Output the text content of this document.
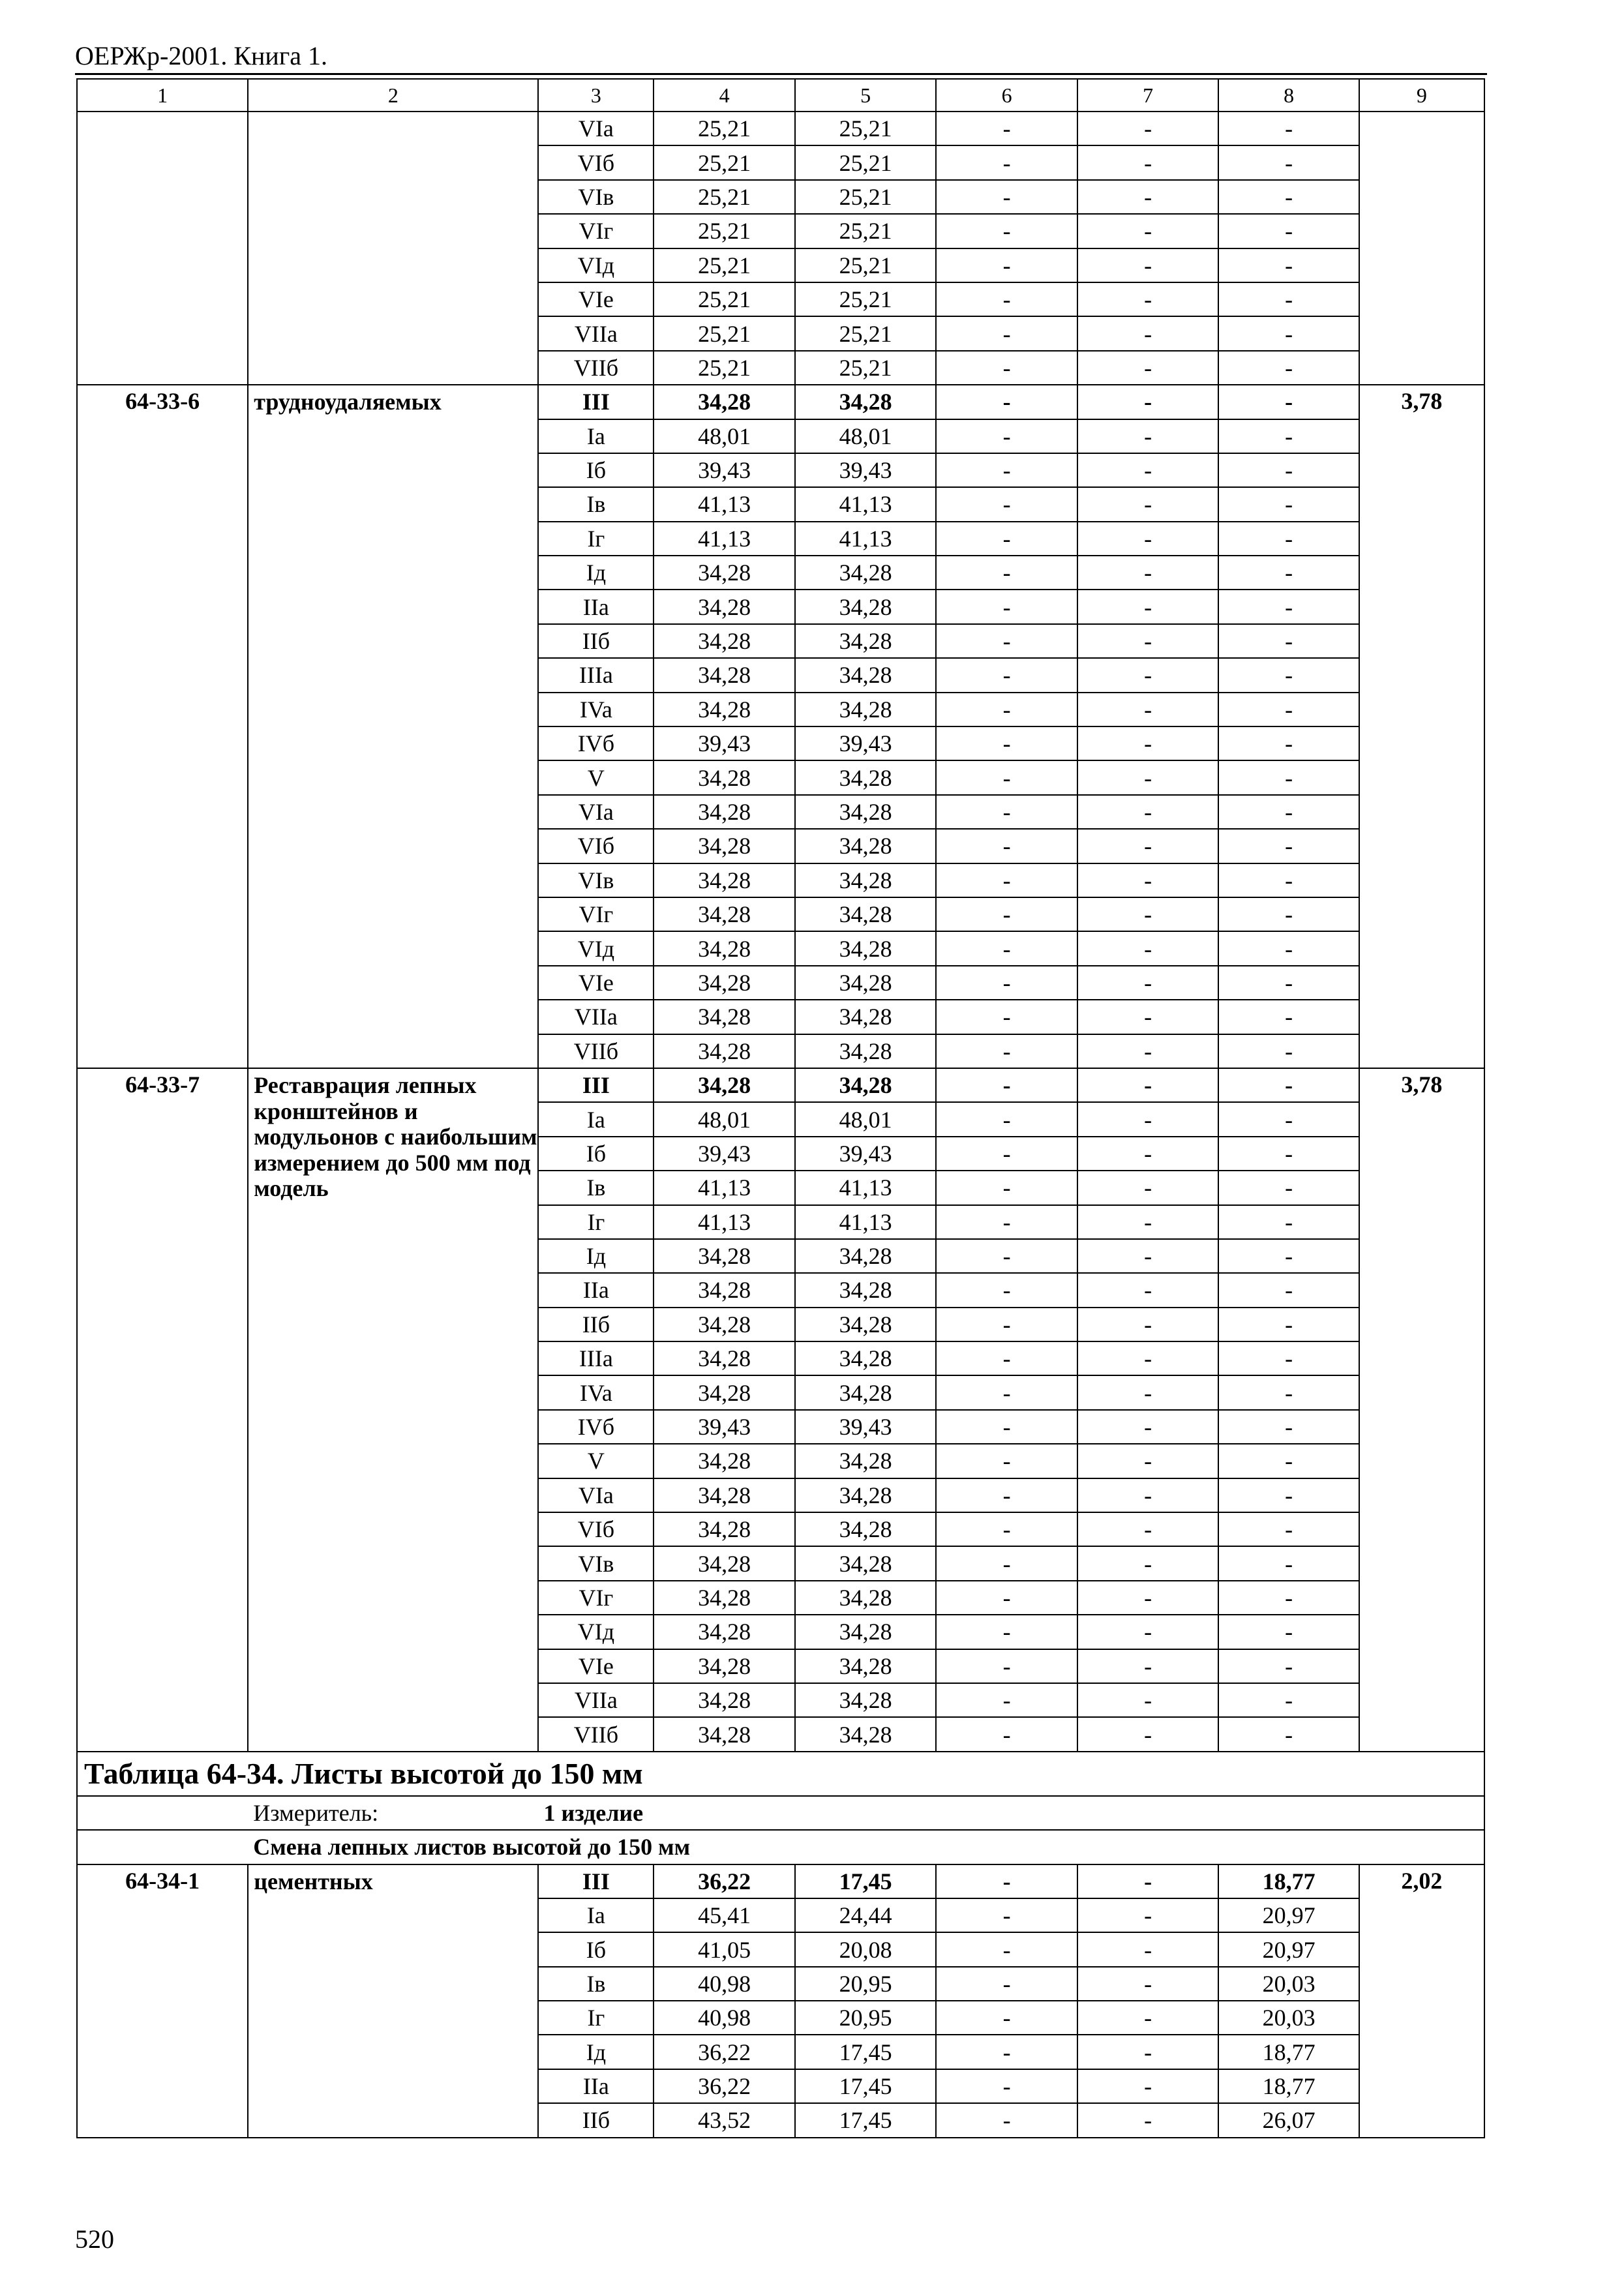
ОЕРЖр-2001. Книга 1.
1	2	3	4	5	6	7	8	9
		VIa	25,21	25,21	-	-	-	
		VIб	25,21	25,21	-	-	-	
		VIв	25,21	25,21	-	-	-	
		VIг	25,21	25,21	-	-	-	
		VIд	25,21	25,21	-	-	-	
		VIe	25,21	25,21	-	-	-	
		VIIa	25,21	25,21	-	-	-	
		VIIб	25,21	25,21	-	-	-	
64-33-6	трудноудаляемых	III	34,28	34,28	-	-	-	3,78
		Ia	48,01	48,01	-	-	-	
		Iб	39,43	39,43	-	-	-	
		Iв	41,13	41,13	-	-	-	
		Iг	41,13	41,13	-	-	-	
		Iд	34,28	34,28	-	-	-	
		IIa	34,28	34,28	-	-	-	
		IIб	34,28	34,28	-	-	-	
		IIIa	34,28	34,28	-	-	-	
		IVa	34,28	34,28	-	-	-	
		IVб	39,43	39,43	-	-	-	
		V	34,28	34,28	-	-	-	
		VIa	34,28	34,28	-	-	-	
		VIб	34,28	34,28	-	-	-	
		VIв	34,28	34,28	-	-	-	
		VIг	34,28	34,28	-	-	-	
		VIд	34,28	34,28	-	-	-	
		VIe	34,28	34,28	-	-	-	
		VIIa	34,28	34,28	-	-	-	
		VIIб	34,28	34,28	-	-	-	
64-33-7	Реставрация лепных кронштейнов и модульонов с наибольшим измерением до 500 мм под модель	III	34,28	34,28	-	-	-	3,78
		Ia	48,01	48,01	-	-	-	
		Iб	39,43	39,43	-	-	-	
		Iв	41,13	41,13	-	-	-	
		Iг	41,13	41,13	-	-	-	
		Iд	34,28	34,28	-	-	-	
		IIa	34,28	34,28	-	-	-	
		IIб	34,28	34,28	-	-	-	
		IIIa	34,28	34,28	-	-	-	
		IVa	34,28	34,28	-	-	-	
		IVб	39,43	39,43	-	-	-	
		V	34,28	34,28	-	-	-	
		VIa	34,28	34,28	-	-	-	
		VIб	34,28	34,28	-	-	-	
		VIв	34,28	34,28	-	-	-	
		VIг	34,28	34,28	-	-	-	
		VIд	34,28	34,28	-	-	-	
		VIe	34,28	34,28	-	-	-	
		VIIa	34,28	34,28	-	-	-	
		VIIб	34,28	34,28	-	-	-	
Таблица 64-34. Листы высотой до 150 мм								
	Измеритель:	1 изделие						
	Смена лепных листов высотой до 150 мм							
64-34-1	цементных	III	36,22	17,45	-	-	18,77	2,02
		Ia	45,41	24,44	-	-	20,97	
		Iб	41,05	20,08	-	-	20,97	
		Iв	40,98	20,95	-	-	20,03	
		Iг	40,98	20,95	-	-	20,03	
		Iд	36,22	17,45	-	-	18,77	
		IIa	36,22	17,45	-	-	18,77	
		IIб	43,52	17,45	-	-	26,07	
520
